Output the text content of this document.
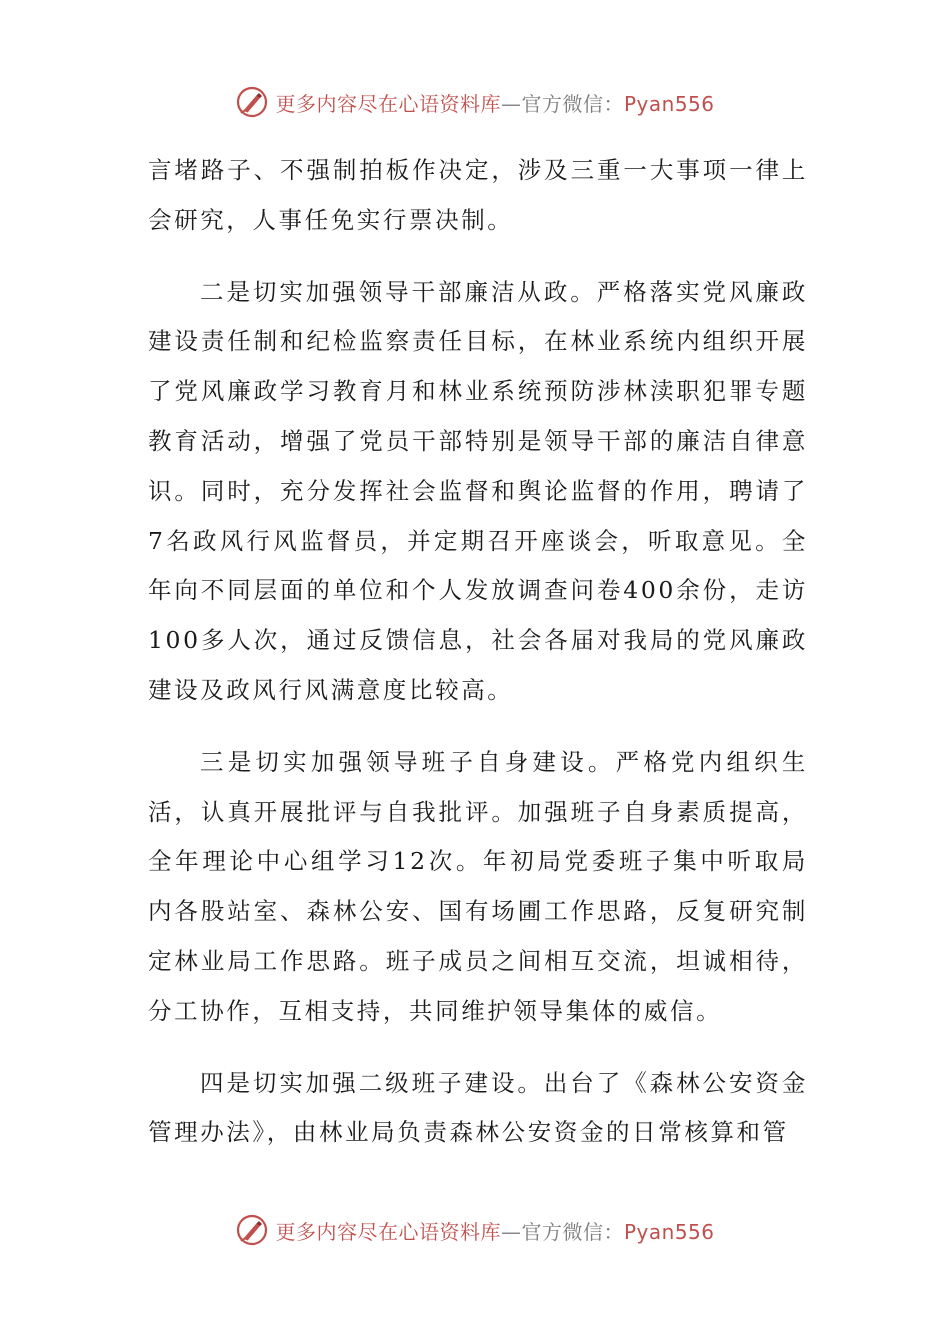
更多内容尽在心语资料库—官方微信：Pyan556

言堵路子、不强制拍板作决定，涉及三重一大事项一律上会研究，人事任免实行票决制。

二是切实加强领导干部廉洁从政。严格落实党风廉政建设责任制和纪检监察责任目标，在林业系统内组织开展了党风廉政学习教育月和林业系统预防涉林渎职犯罪专题教育活动，增强了党员干部特别是领导干部的廉洁自律意识。同时，充分发挥社会监督和舆论监督的作用，聘请了7名政风行风监督员，并定期召开座谈会，听取意见。全年向不同层面的单位和个人发放调查问卷400余份，走访100多人次，通过反馈信息，社会各届对我局的党风廉政建设及政风行风满意度比较高。

三是切实加强领导班子自身建设。严格党内组织生活，认真开展批评与自我批评。加强班子自身素质提高，全年理论中心组学习12次。年初局党委班子集中听取局内各股站室、森林公安、国有场圃工作思路，反复研究制定林业局工作思路。班子成员之间相互交流，坦诚相待，分工协作，互相支持，共同维护领导集体的威信。

四是切实加强二级班子建设。出台了《森林公安资金管理办法》，由林业局负责森林公安资金的日常核算和管

更多内容尽在心语资料库—官方微信：Pyan556
